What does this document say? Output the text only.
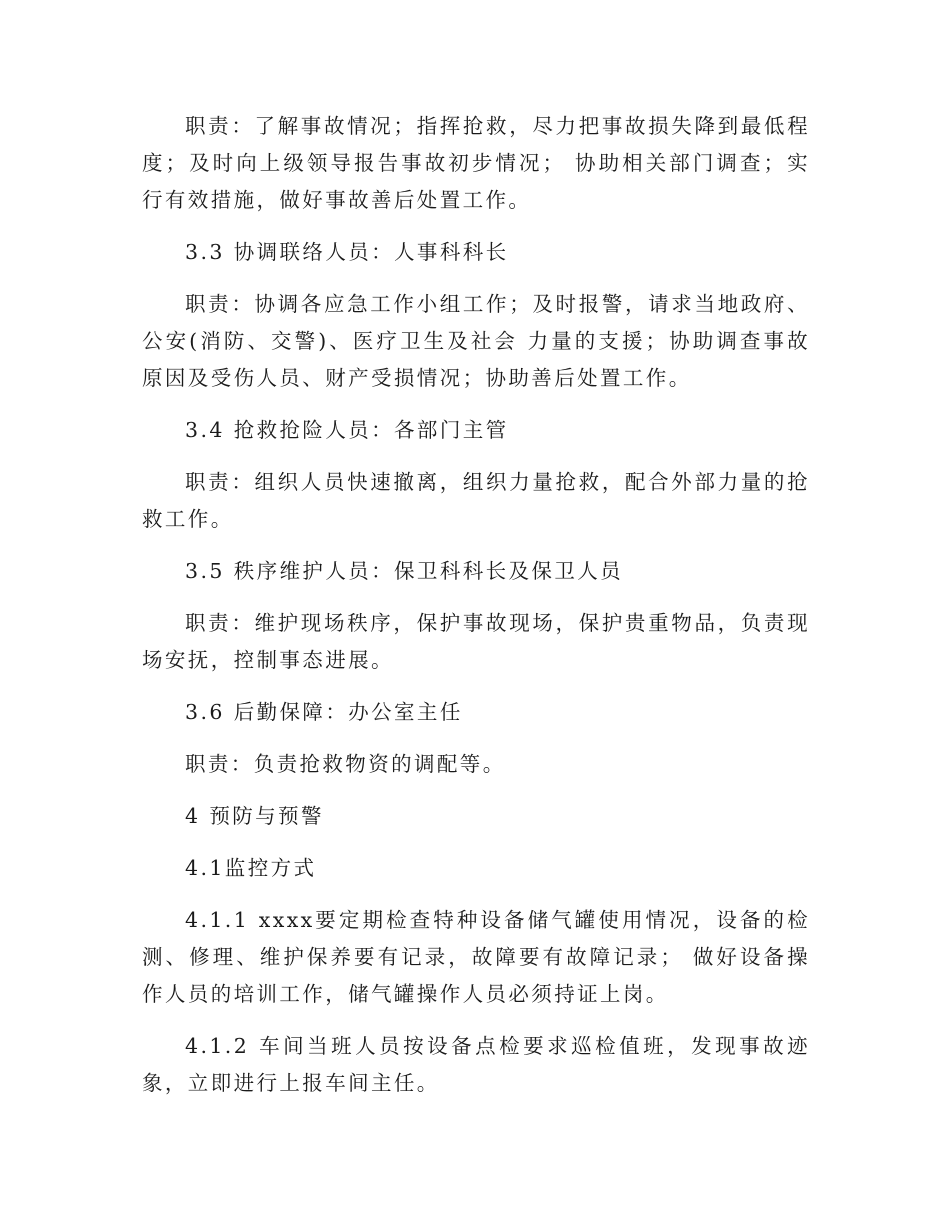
职责：了解事故情况；指挥抢救，尽力把事故损失降到最低程度；及时向上级领导报告事故初步情况； 协助相关部门调查；实行有效措施，做好事故善后处置工作。

3.3 协调联络人员：人事科科长

职责：协调各应急工作小组工作；及时报警，请求当地政府、公安(消防、交警)、医疗卫生及社会 力量的支援；协助调查事故原因及受伤人员、财产受损情况；协助善后处置工作。

3.4 抢救抢险人员：各部门主管

职责：组织人员快速撤离，组织力量抢救，配合外部力量的抢救工作。

3.5 秩序维护人员：保卫科科长及保卫人员

职责：维护现场秩序，保护事故现场，保护贵重物品，负责现场安抚，控制事态进展。

3.6 后勤保障：办公室主任

职责：负责抢救物资的调配等。

4 预防与预警

4.1监控方式

4.1.1 xxxx要定期检查特种设备储气罐使用情况，设备的检测、修理、维护保养要有记录，故障要有故障记录； 做好设备操作人员的培训工作，储气罐操作人员必须持证上岗。

4.1.2 车间当班人员按设备点检要求巡检值班，发现事故迹象，立即进行上报车间主任。
